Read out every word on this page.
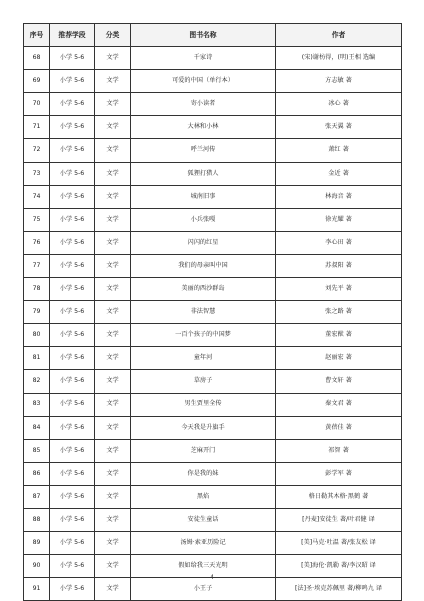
序号	推荐学段	分类	图书名称	作者
68	小学 5-6	文学	千家诗	(宋)谢枋得，(明)王相 选编
69	小学 5-6	文学	可爱的中国（单行本）	方志敏 著
70	小学 5-6	文学	寄小读者	冰心 著
71	小学 5-6	文学	大林和小林	张天翼 著
72	小学 5-6	文学	呼兰河传	萧红 著
73	小学 5-6	文学	狐狸打猎人	金近 著
74	小学 5-6	文学	城南旧事	林海音 著
75	小学 5-6	文学	小兵张嘎	徐光耀 著
76	小学 5-6	文学	闪闪的红星	李心田 著
77	小学 5-6	文学	我们的母亲叫中国	苏叔阳 著
78	小学 5-6	文学	美丽的西沙群岛	刘先平 著
79	小学 5-6	文学	非法智慧	张之路 著
80	小学 5-6	文学	一百个孩子的中国梦	董宏猷 著
81	小学 5-6	文学	童年河	赵丽宏 著
82	小学 5-6	文学	草房子	曹文轩 著
83	小学 5-6	文学	男生贾里全传	秦文君 著
84	小学 5-6	文学	今天我是升旗手	黄蓓佳 著
85	小学 5-6	文学	芝麻开门	祁智 著
86	小学 5-6	文学	你是我的妹	彭学军 著
87	小学 5-6	文学	黑焰	格日勒其木格·黑鹤 著
88	小学 5-6	文学	安徒生童话	[丹麦]安徒生 著/叶君健 译
89	小学 5-6	文学	汤姆·索亚历险记	[美]马克·吐温 著/张友松 译
90	小学 5-6	文学	假如给我三天光明	[美]海伦·凯勒 著/李汉昭 译
91	小学 5-6	文学	小王子	[法]圣·埃克苏佩里 著/柳鸣九 译
4
